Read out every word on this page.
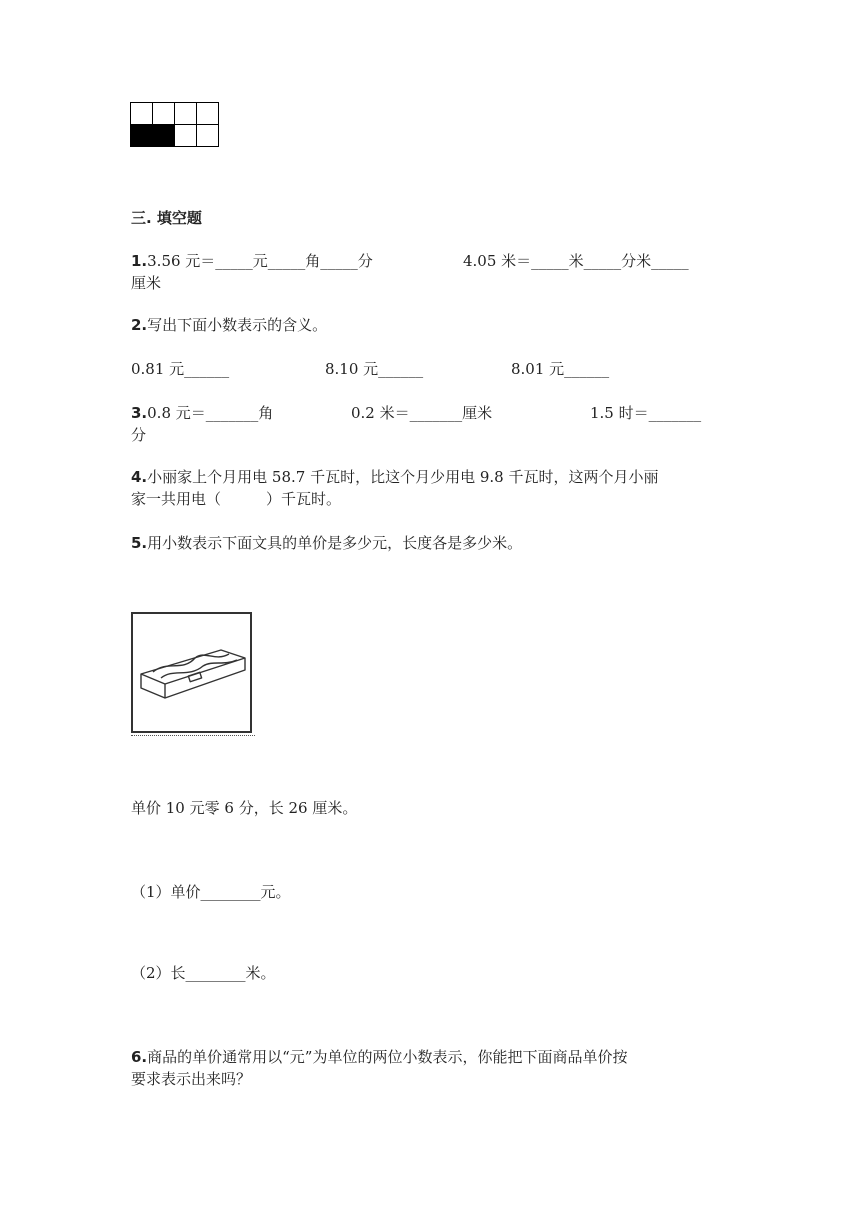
三. 填空题
1.3.56 元＝_____元_____角_____分	4.05 米＝_____米_____分米_____
厘米
2.写出下面小数表示的含义。
0.81 元______	8.10 元______	8.01 元______
3.0.8 元＝_______角	0.2 米＝_______厘米	1.5 时＝_______
分
4.小丽家上个月用电 58.7 千瓦时，比这个月少用电 9.8 千瓦时，这两个月小丽
家一共用电（　　　）千瓦时。
5.用小数表示下面文具的单价是多少元，长度各是多少米。
单价 10 元零 6 分，长 26 厘米。
（1）单价________元。
（2）长________米。
6.商品的单价通常用以“元”为单位的两位小数表示，你能把下面商品单价按
要求表示出来吗？
